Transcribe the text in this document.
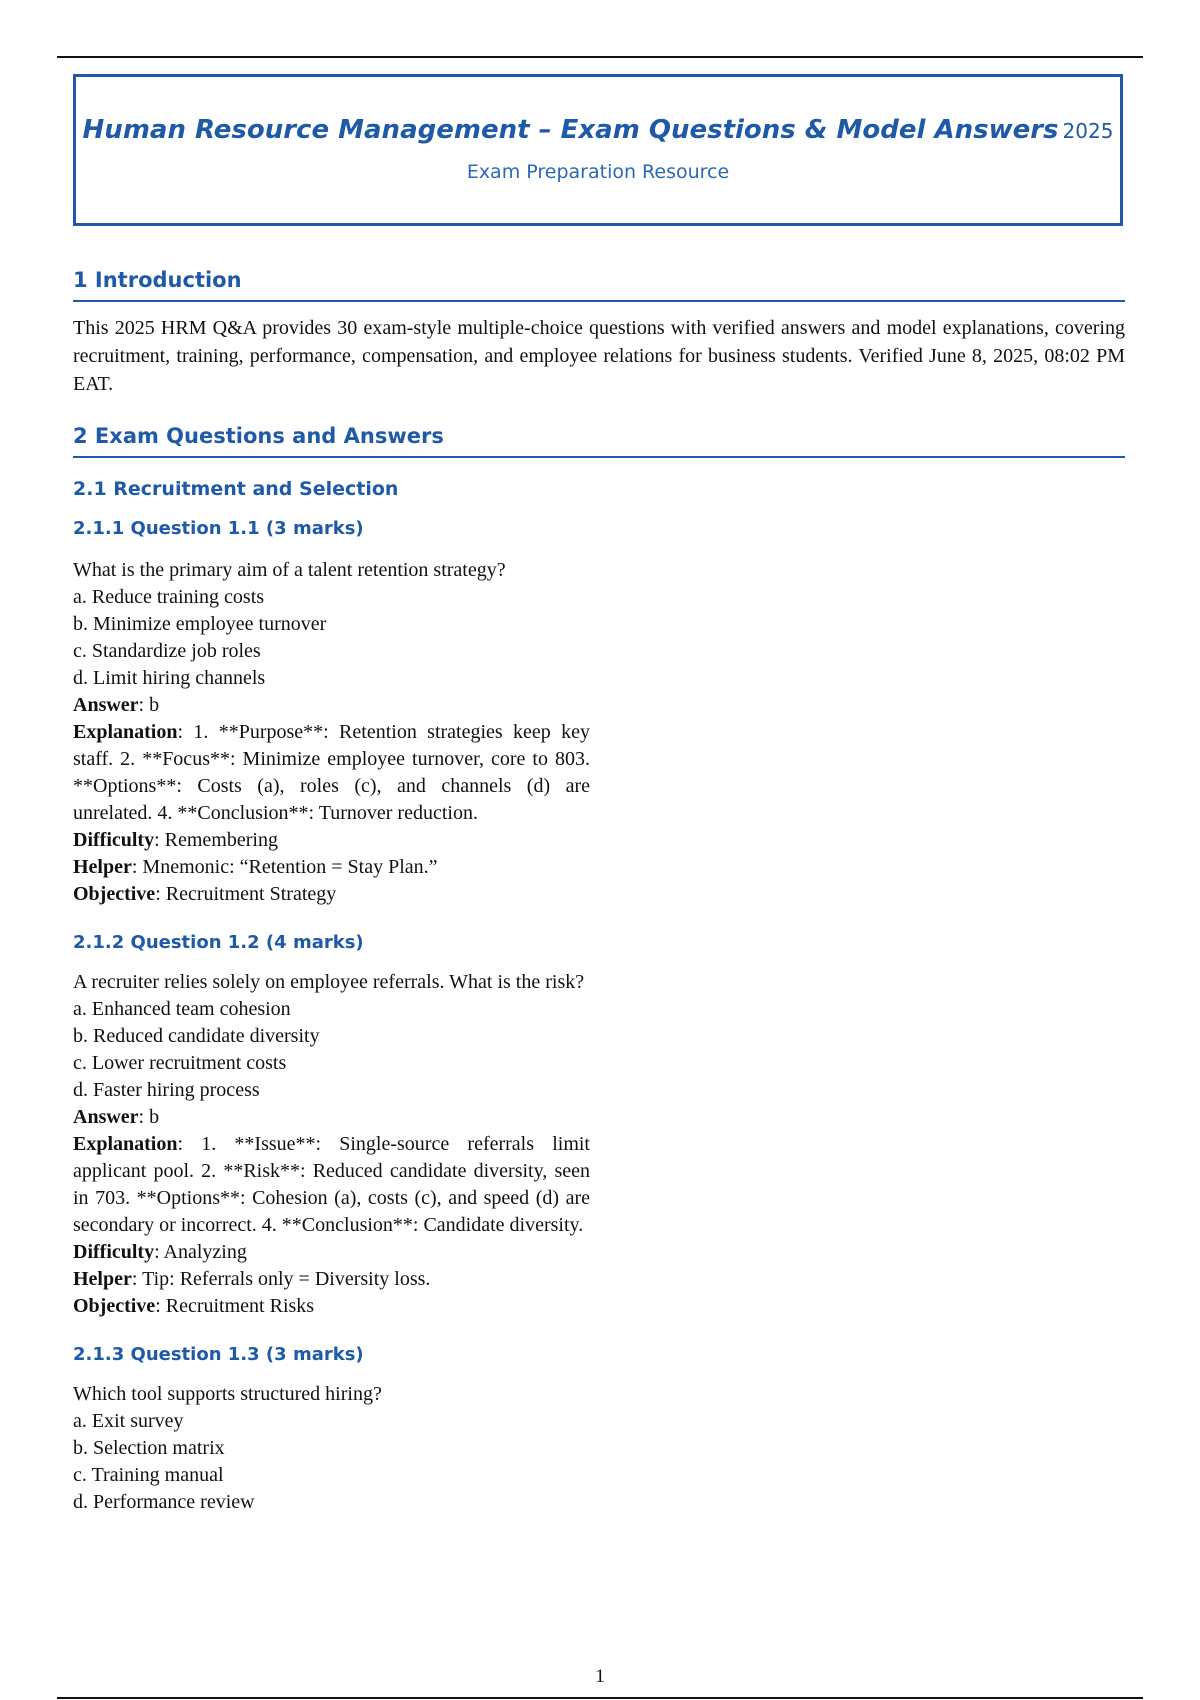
Human Resource Management – Exam Questions & Model Answers 2025
Exam Preparation Resource
1 Introduction
This 2025 HRM Q&A provides 30 exam-style multiple-choice questions with verified answers and model explanations, covering recruitment, training, performance, compensation, and employee relations for business students. Verified June 8, 2025, 08:02 PM EAT.
2 Exam Questions and Answers
2.1 Recruitment and Selection
2.1.1 Question 1.1 (3 marks)
What is the primary aim of a talent retention strategy?
a. Reduce training costs
b. Minimize employee turnover
c. Standardize job roles
d. Limit hiring channels
Answer: b
Explanation: 1. **Purpose**: Retention strategies keep key staff. 2. **Focus**: Minimize employee turnover, core to 803. **Options**: Costs (a), roles (c), and channels (d) are unrelated. 4. **Conclusion**: Turnover reduction.
Difficulty: Remembering
Helper: Mnemonic: “Retention = Stay Plan.”
Objective: Recruitment Strategy
2.1.2 Question 1.2 (4 marks)
A recruiter relies solely on employee referrals. What is the risk?
a. Enhanced team cohesion
b. Reduced candidate diversity
c. Lower recruitment costs
d. Faster hiring process
Answer: b
Explanation: 1. **Issue**: Single-source referrals limit applicant pool. 2. **Risk**: Reduced candidate diversity, seen in 703. **Options**: Cohesion (a), costs (c), and speed (d) are secondary or incorrect. 4. **Conclusion**: Candidate diversity.
Difficulty: Analyzing
Helper: Tip: Referrals only = Diversity loss.
Objective: Recruitment Risks
2.1.3 Question 1.3 (3 marks)
Which tool supports structured hiring?
a. Exit survey
b. Selection matrix
c. Training manual
d. Performance review
1
